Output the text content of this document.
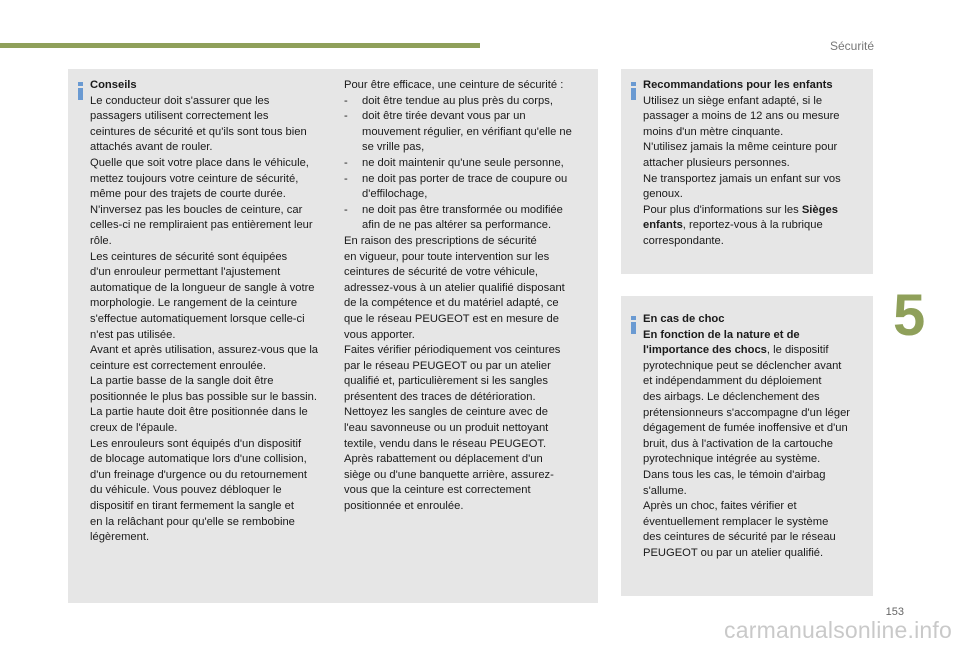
Sécurité
Conseils
Le conducteur doit s'assurer que les
passagers utilisent correctement les
ceintures de sécurité et qu'ils sont tous bien
attachés avant de rouler.
Quelle que soit votre place dans le véhicule,
mettez toujours votre ceinture de sécurité,
même pour des trajets de courte durée.
N'inversez pas les boucles de ceinture, car
celles-ci ne rempliraient pas entièrement leur
rôle.
Les ceintures de sécurité sont équipées
d'un enrouleur permettant l'ajustement
automatique de la longueur de sangle à votre
morphologie. Le rangement de la ceinture
s'effectue automatiquement lorsque celle-ci
n'est pas utilisée.
Avant et après utilisation, assurez-vous que la
ceinture est correctement enroulée.
La partie basse de la sangle doit être
positionnée le plus bas possible sur le bassin.
La partie haute doit être positionnée dans le
creux de l'épaule.
Les enrouleurs sont équipés d'un dispositif
de blocage automatique lors d'une collision,
d'un freinage d'urgence ou du retournement
du véhicule. Vous pouvez débloquer le
dispositif en tirant fermement la sangle et
en la relâchant pour qu'elle se rembobine
légèrement.
Pour être efficace, une ceinture de sécurité :
- doit être tendue au plus près du corps,
- doit être tirée devant vous par un
mouvement régulier, en vérifiant qu'elle ne
se vrille pas,
- ne doit maintenir qu'une seule personne,
- ne doit pas porter de trace de coupure ou
d'effilochage,
- ne doit pas être transformée ou modifiée
afin de ne pas altérer sa performance.
En raison des prescriptions de sécurité
en vigueur, pour toute intervention sur les
ceintures de sécurité de votre véhicule,
adressez-vous à un atelier qualifié disposant
de la compétence et du matériel adapté, ce
que le réseau PEUGEOT est en mesure de
vous apporter.
Faites vérifier périodiquement vos ceintures
par le réseau PEUGEOT ou par un atelier
qualifié et, particulièrement si les sangles
présentent des traces de détérioration.
Nettoyez les sangles de ceinture avec de
l'eau savonneuse ou un produit nettoyant
textile, vendu dans le réseau PEUGEOT.
Après rabattement ou déplacement d'un
siège ou d'une banquette arrière, assurez-
vous que la ceinture est correctement
positionnée et enroulée.
Recommandations pour les enfants
Utilisez un siège enfant adapté, si le
passager a moins de 12 ans ou mesure
moins d'un mètre cinquante.
N'utilisez jamais la même ceinture pour
attacher plusieurs personnes.
Ne transportez jamais un enfant sur vos
genoux.
Pour plus d'informations sur les Sièges
enfants, reportez-vous à la rubrique
correspondante.
En cas de choc
En fonction de la nature et de
l'importance des chocs, le dispositif
pyrotechnique peut se déclencher avant
et indépendamment du déploiement
des airbags. Le déclenchement des
prétensionneurs s'accompagne d'un léger
dégagement de fumée inoffensive et d'un
bruit, dus à l'activation de la cartouche
pyrotechnique intégrée au système.
Dans tous les cas, le témoin d'airbag
s'allume.
Après un choc, faites vérifier et
éventuellement remplacer le système
des ceintures de sécurité par le réseau
PEUGEOT ou par un atelier qualifié.
5
153
carmanualsonline.info
